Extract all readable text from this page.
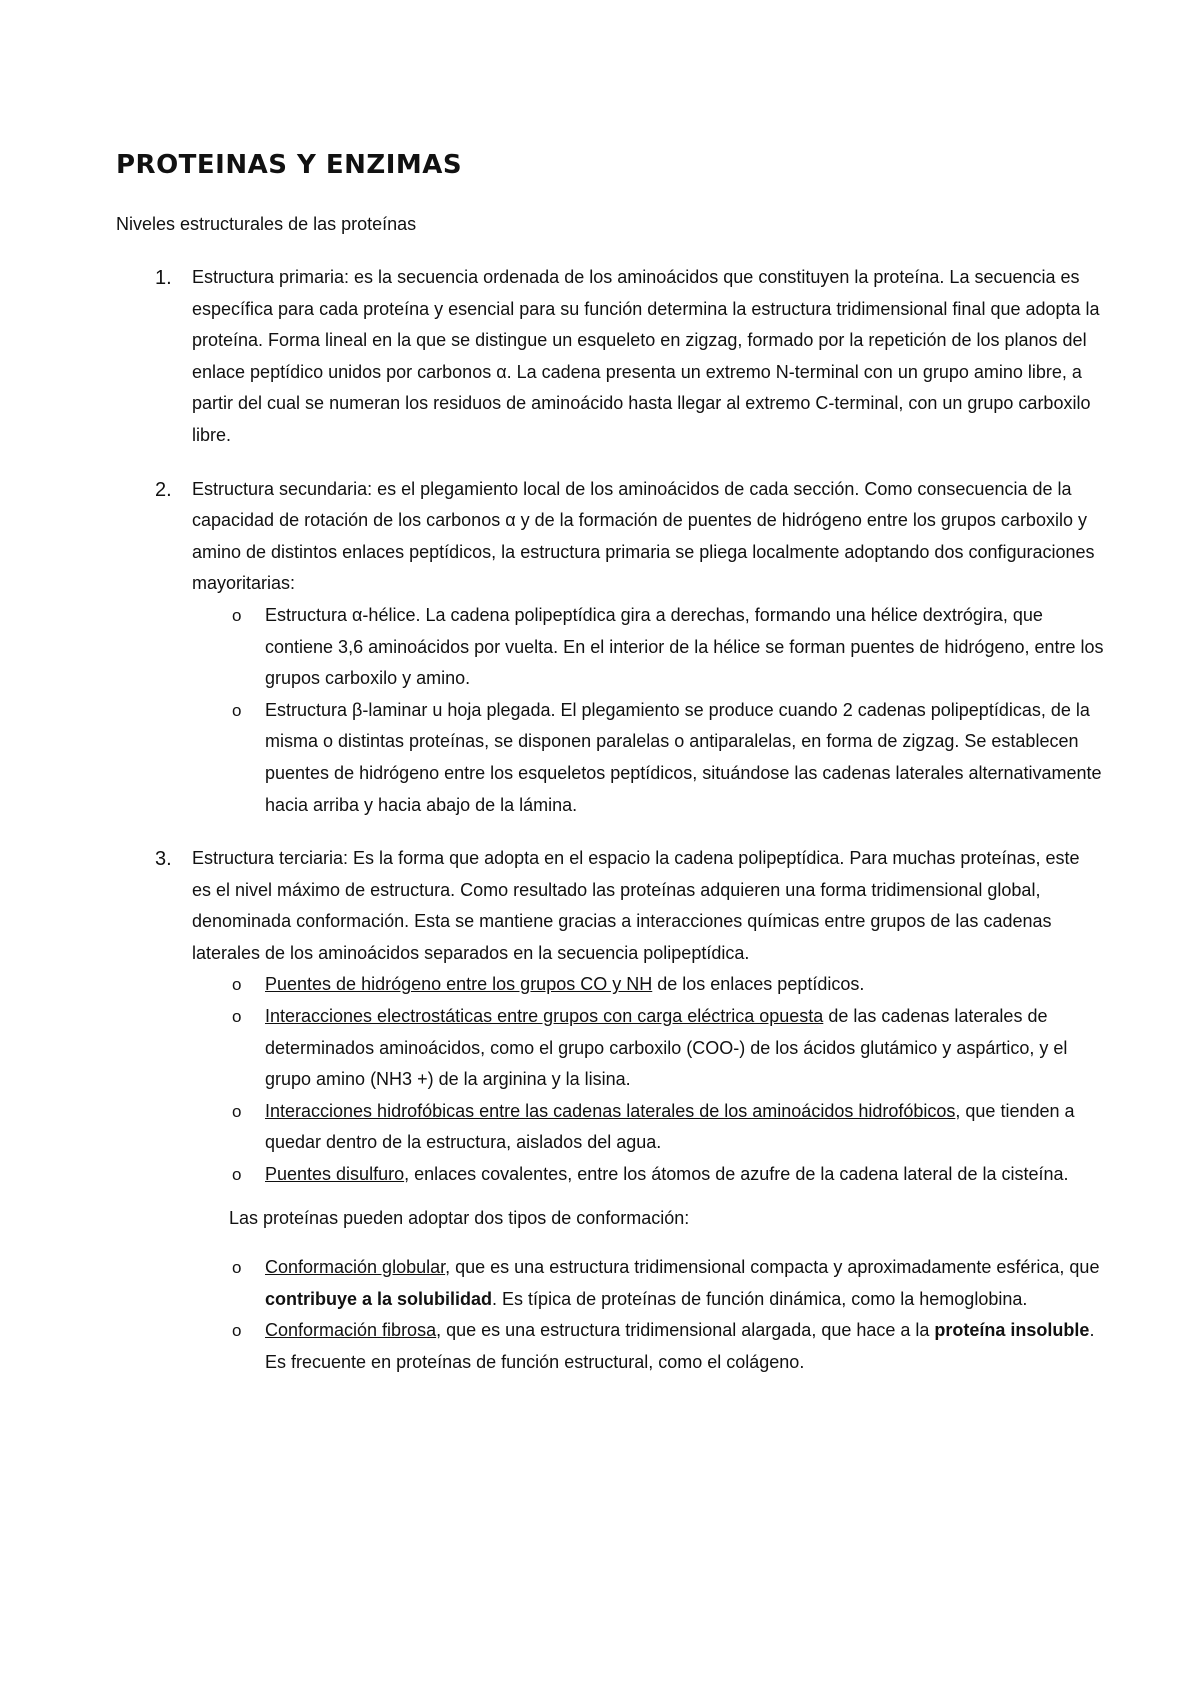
PROTEINAS Y ENZIMAS

Niveles estructurales de las proteínas

1. Estructura primaria: es la secuencia ordenada de los aminoácidos que constituyen la proteína. La secuencia es específica para cada proteína y esencial para su función determina la estructura tridimensional final que adopta la proteína. Forma lineal en la que se distingue un esqueleto en zigzag, formado por la repetición de los planos del enlace peptídico unidos por carbonos α. La cadena presenta un extremo N-terminal con un grupo amino libre, a partir del cual se numeran los residuos de aminoácido hasta llegar al extremo C-terminal, con un grupo carboxilo libre.
2. Estructura secundaria: es el plegamiento local de los aminoácidos de cada sección. Como consecuencia de la capacidad de rotación de los carbonos α y de la formación de puentes de hidrógeno entre los grupos carboxilo y amino de distintos enlaces peptídicos, la estructura primaria se pliega localmente adoptando dos configuraciones mayoritarias:
o Estructura α-hélice. La cadena polipeptídica gira a derechas, formando una hélice dextrógira, que contiene 3,6 aminoácidos por vuelta. En el interior de la hélice se forman puentes de hidrógeno, entre los grupos carboxilo y amino.
o Estructura β-laminar u hoja plegada. El plegamiento se produce cuando 2 cadenas polipeptídicas, de la misma o distintas proteínas, se disponen paralelas o antiparalelas, en forma de zigzag. Se establecen puentes de hidrógeno entre los esqueletos peptídicos, situándose las cadenas laterales alternativamente hacia arriba y hacia abajo de la lámina.
3. Estructura terciaria: Es la forma que adopta en el espacio la cadena polipeptídica. Para muchas proteínas, este es el nivel máximo de estructura. Como resultado las proteínas adquieren una forma tridimensional global, denominada conformación. Esta se mantiene gracias a interacciones químicas entre grupos de las cadenas laterales de los aminoácidos separados en la secuencia polipeptídica.
o Puentes de hidrógeno entre los grupos CO y NH de los enlaces peptídicos.
o Interacciones electrostáticas entre grupos con carga eléctrica opuesta de las cadenas laterales de determinados aminoácidos, como el grupo carboxilo (COO-) de los ácidos glutámico y aspártico, y el grupo amino (NH3 +) de la arginina y la lisina.
o Interacciones hidrofóbicas entre las cadenas laterales de los aminoácidos hidrofóbicos, que tienden a quedar dentro de la estructura, aislados del agua.
o Puentes disulfuro, enlaces covalentes, entre los átomos de azufre de la cadena lateral de la cisteína.

Las proteínas pueden adoptar dos tipos de conformación:

o Conformación globular, que es una estructura tridimensional compacta y aproximadamente esférica, que contribuye a la solubilidad. Es típica de proteínas de función dinámica, como la hemoglobina.
o Conformación fibrosa, que es una estructura tridimensional alargada, que hace a la proteína insoluble. Es frecuente en proteínas de función estructural, como el colágeno.
